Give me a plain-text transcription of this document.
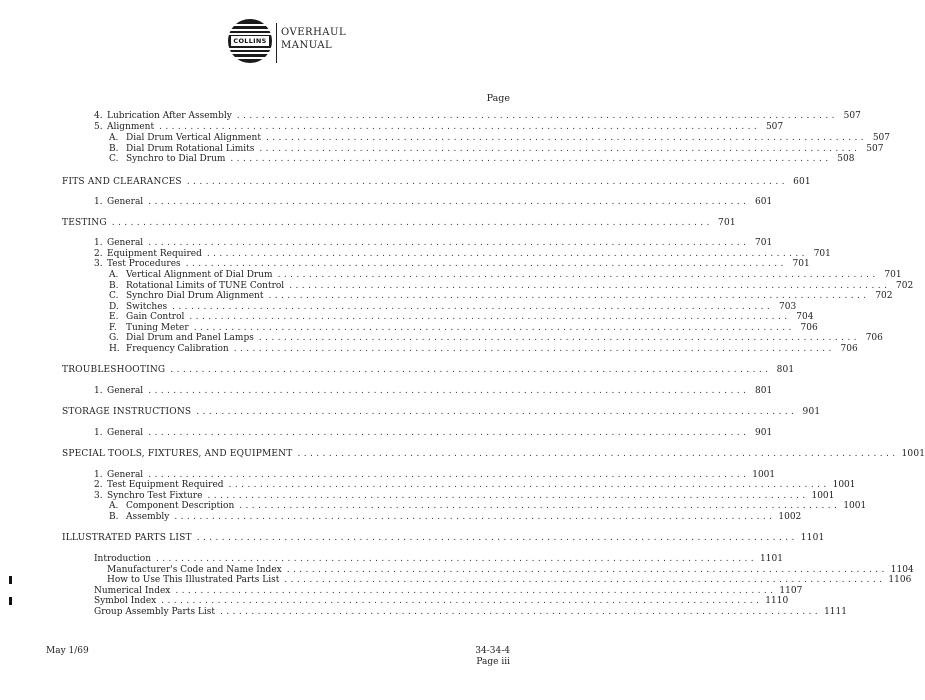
COLLINS
OVERHAUL
MANUAL
Page
4. Lubrication After Assembly ................................................................................................ 507
5. Alignment ................................................................................................ 507
A. Dial Drum Vertical Alignment ................................................................................................ 507
B. Dial Drum Rotational Limits ................................................................................................ 507
C. Synchro to Dial Drum ................................................................................................ 508
FITS AND CLEARANCES ................................................................................................ 601
1. General ................................................................................................ 601
TESTING ................................................................................................ 701
1. General ................................................................................................ 701
2. Equipment Required ................................................................................................ 701
3. Test Procedures ................................................................................................ 701
A. Vertical Alignment of Dial Drum ................................................................................................ 701
B. Rotational Limits of TUNE Control ................................................................................................ 702
C. Synchro Dial Drum Alignment ................................................................................................ 702
D. Switches ................................................................................................ 703
E. Gain Control ................................................................................................ 704
F.	Tuning Meter ................................................................................................ 706
G. Dial Drum and Panel Lamps ................................................................................................ 706
H. Frequency Calibration ................................................................................................ 706
TROUBLESHOOTING ................................................................................................ 801
1. General ................................................................................................ 801
STORAGE INSTRUCTIONS ................................................................................................ 901
1. General ................................................................................................ 901
SPECIAL TOOLS, FIXTURES, AND EQUIPMENT ................................................................................................ 1001
1. General ................................................................................................ 1001
2. Test Equipment Required ................................................................................................ 1001
3. Synchro Test Fixture ................................................................................................ 1001
A. Component Description ................................................................................................ 1001
B. Assembly ................................................................................................ 1002
ILLUSTRATED PARTS LIST ................................................................................................ 1101
Introduction ................................................................................................ 1101
Manufacturer's Code and Name Index ................................................................................................ 1104
How to Use This Illustrated Parts List ................................................................................................ 1106
Numerical Index ................................................................................................ 1107
Symbol Index ................................................................................................ 1110
Group Assembly Parts List ................................................................................................ 1111
May 1/69	34-34-4
Page iii
